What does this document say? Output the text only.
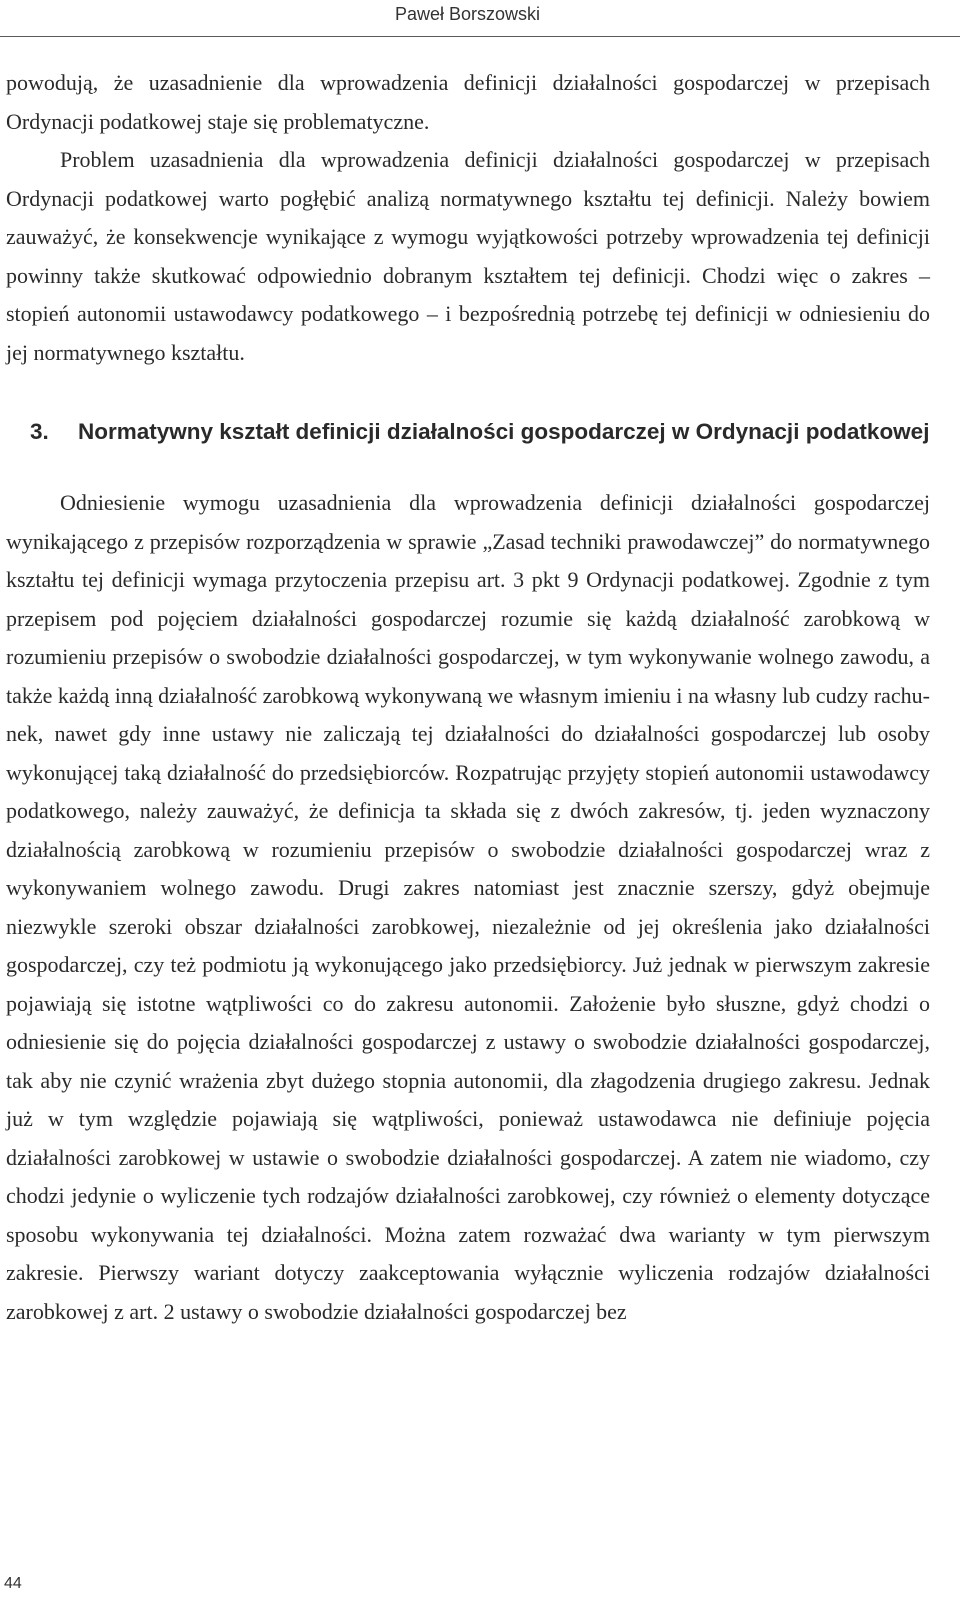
Paweł Borszowski

powodują, że uzasadnienie dla wprowadzenia definicji działalności gospodarczej w przepisach Ordynacji podatkowej staje się problematyczne.

Problem uzasadnienia dla wprowadzenia definicji działalności gospodarczej w przepisach Ordynacji podatkowej warto pogłębić analizą normatywnego kształtu tej definicji. Należy bowiem zauważyć, że konsekwencje wynikające z wymogu wyjątkowości potrzeby wprowadzenia tej definicji powinny także skutkować odpowiednio dobranym kształtem tej definicji. Chodzi więc o zakres – stopień autonomii ustawodawcy podatkowego – i bezpośrednią potrzebę tej definicji w odniesieniu do jej normatywnego kształtu.

3.	Normatywny kształt definicji działalności gospodarczej w Ordynacji podatkowej

Odniesienie wymogu uzasadnienia dla wprowadzenia definicji działalności gospodarczej wynikającego z przepisów rozporządzenia w sprawie „Zasad techniki prawodawczej” do normatywnego kształtu tej definicji wymaga przytoczenia przepisu art. 3 pkt 9 Ordynacji podatkowej. Zgodnie z tym przepisem pod pojęciem działalności gospodarczej rozumie się każdą działalność zarobkową w rozumieniu przepisów o swobodzie działalności gospodarczej, w tym wykonywanie wolnego zawodu, a także każdą inną działalność zarobkową wykonywaną we własnym imieniu i na własny lub cudzy rachunek, nawet gdy inne ustawy nie zaliczają tej działalności do działalności gospodarczej lub osoby wykonującej taką działalność do przedsiębiorców. Rozpatrując przyjęty stopień autonomii ustawodawcy podatkowego, należy zauważyć, że definicja ta składa się z dwóch zakresów, tj. jeden wyznaczony działalnością zarobkową w rozumieniu przepisów o swobodzie działalności gospodarczej wraz z wykonywaniem wolnego zawodu. Drugi zakres natomiast jest znacznie szerszy, gdyż obejmuje niezwykle szeroki obszar działalności zarobkowej, niezależnie od jej określenia jako działalności gospodarczej, czy też podmiotu ją wykonującego jako przedsiębiorcy. Już jednak w pierwszym zakresie pojawiają się istotne wątpliwości co do zakresu autonomii. Założenie było słuszne, gdyż chodzi o odniesienie się do pojęcia działalności gospodarczej z ustawy o swobodzie działalności gospodarczej, tak aby nie czynić wrażenia zbyt dużego stopnia autonomii, dla złagodzenia drugiego zakresu. Jednak już w tym względzie pojawiają się wątpliwości, ponieważ ustawodawca nie definiuje pojęcia działalności zarobkowej w ustawie o swobodzie działalności gospodarczej. A zatem nie wiadomo, czy chodzi jedynie o wyliczenie tych rodzajów działalności zarobkowej, czy również o elementy dotyczące sposobu wykonywania tej działalności. Można zatem rozważać dwa warianty w tym pierwszym zakresie. Pierwszy wariant dotyczy zaakceptowania wyłącznie wyliczenia rodzajów działalności zarobkowej z art. 2 ustawy o swobodzie działalności gospodarczej bez

44
